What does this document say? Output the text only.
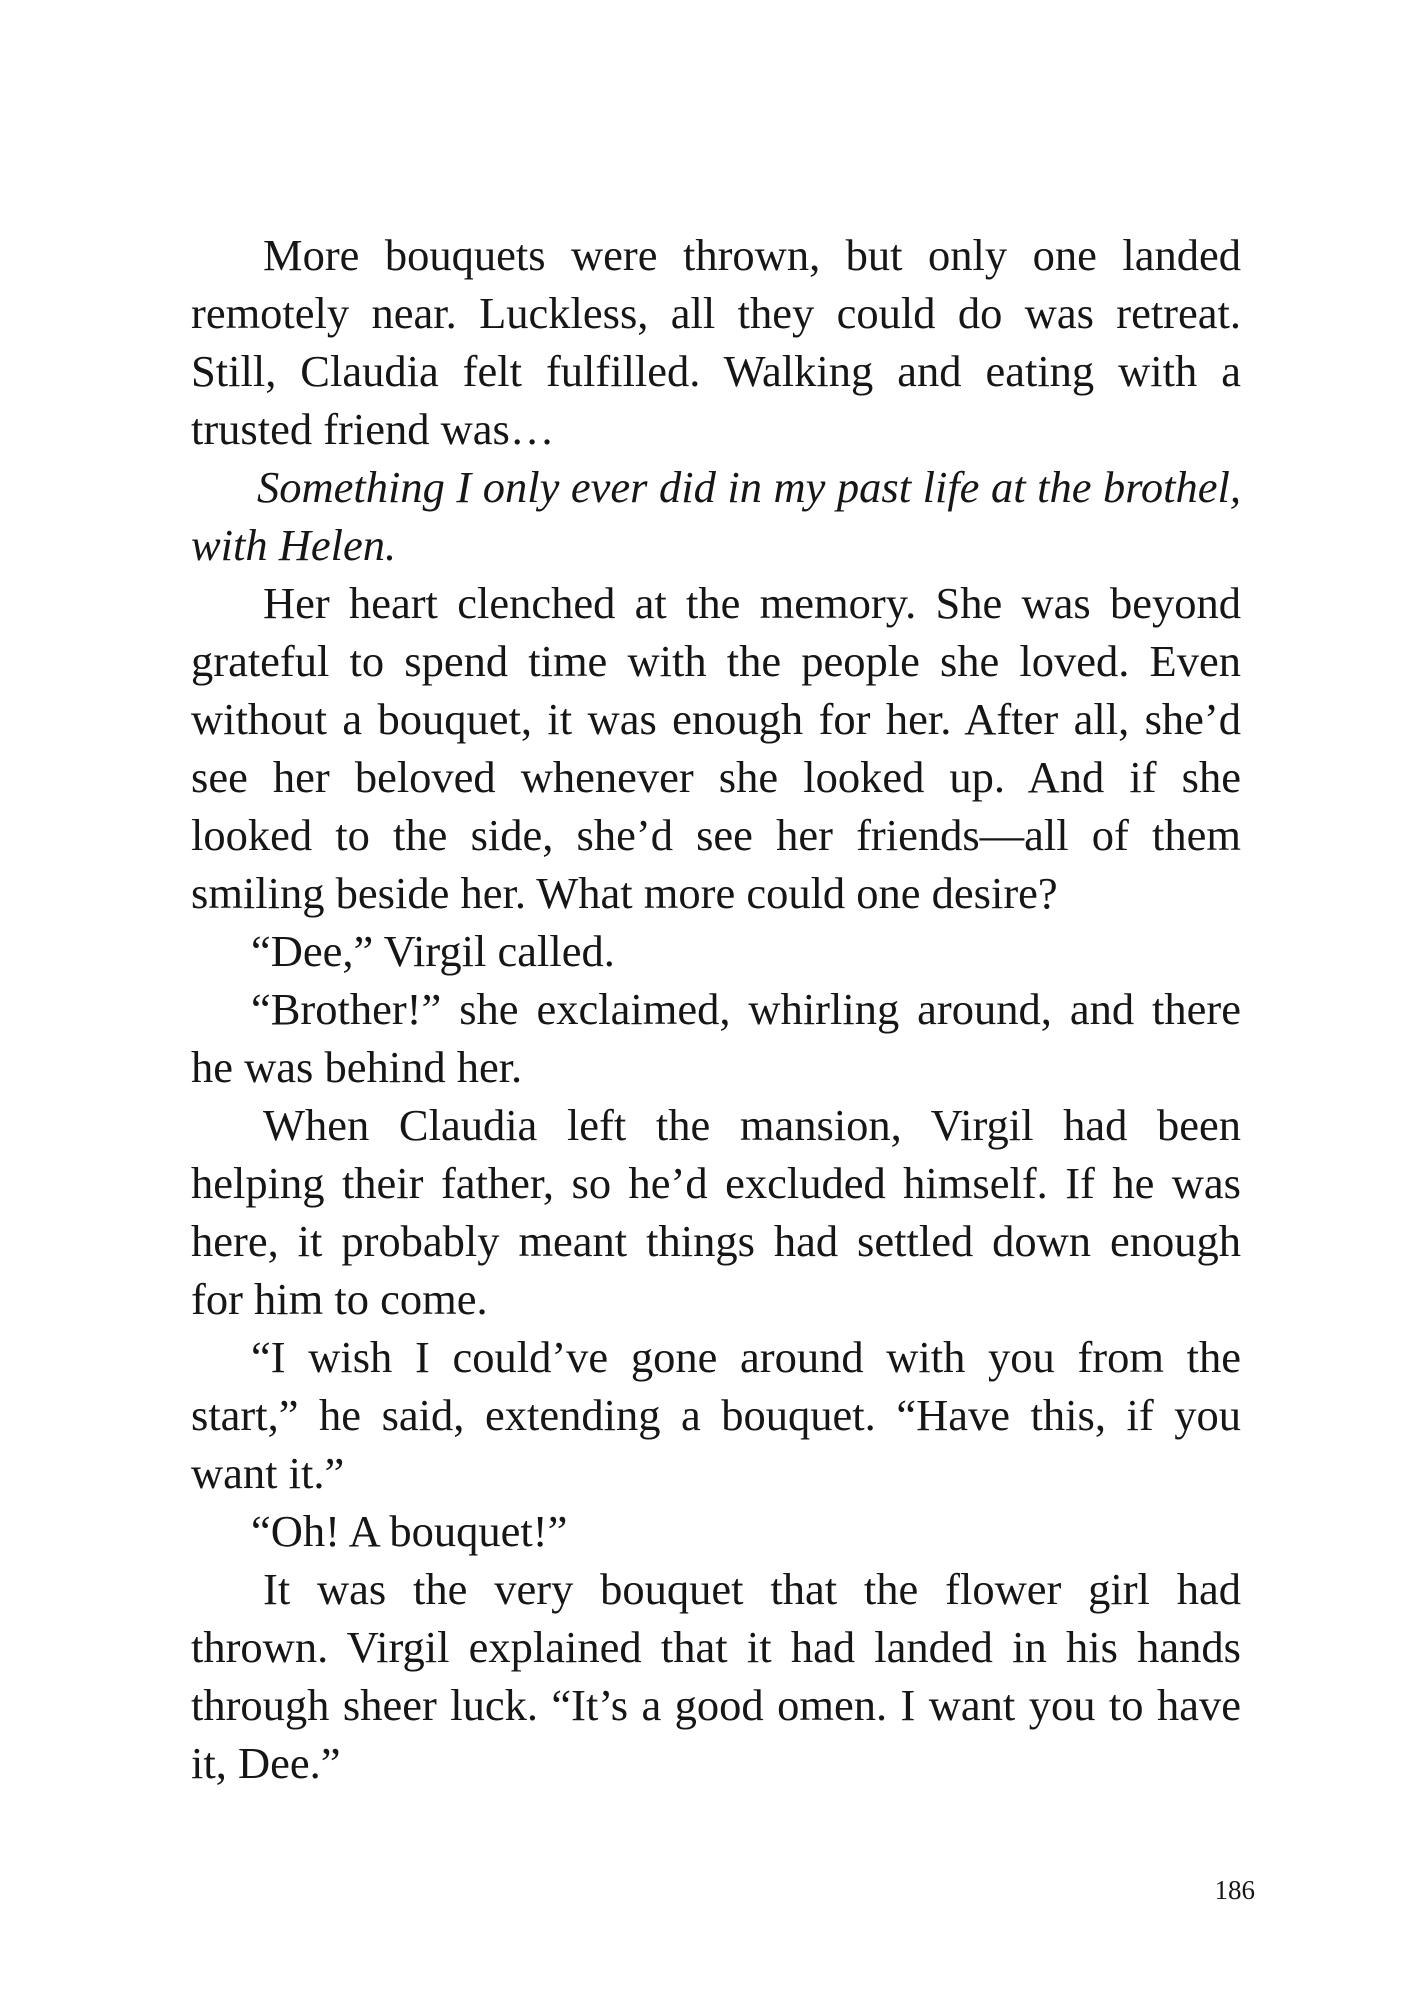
More bouquets were thrown, but only one landed remotely near. Luckless, all they could do was retreat. Still, Claudia felt fulfilled. Walking and eating with a trusted friend was…

Something I only ever did in my past life at the brothel, with Helen.

Her heart clenched at the memory. She was beyond grateful to spend time with the people she loved. Even without a bouquet, it was enough for her. After all, she’d see her beloved whenever she looked up. And if she looked to the side, she’d see her friends—all of them smiling beside her. What more could one desire?

“Dee,” Virgil called.

“Brother!” she exclaimed, whirling around, and there he was behind her.

When Claudia left the mansion, Virgil had been helping their father, so he’d excluded himself. If he was here, it probably meant things had settled down enough for him to come.

“I wish I could’ve gone around with you from the start,” he said, extending a bouquet. “Have this, if you want it.”

“Oh! A bouquet!”

It was the very bouquet that the flower girl had thrown. Virgil explained that it had landed in his hands through sheer luck. “It’s a good omen. I want you to have it, Dee.”

186
